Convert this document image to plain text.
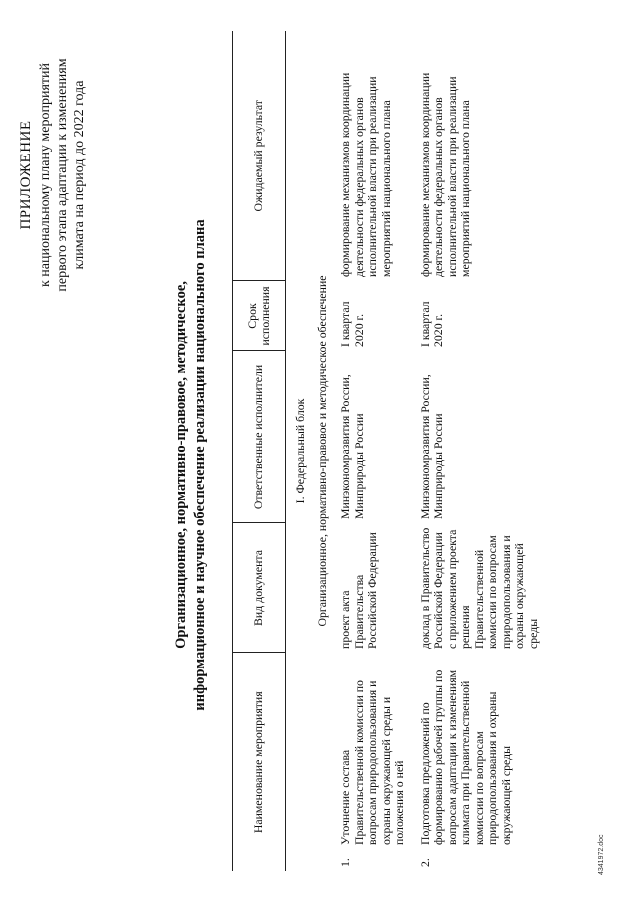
ПРИЛОЖЕНИЕ к национальному плану мероприятий первого этапа адаптации к изменениям климата на период до 2022 года
Организационное, нормативно-правовое, методическое, информационное и научное обеспечение реализации национального плана
Наименование мероприятия		Вид документа	Ответственные исполнители	Срок исполнения	Ожидаемый результат
I. Федеральный блок					
Организационное, нормативно-правовое и методическое обеспечение					
1.	Уточнение состава Правительственной комиссии по вопросам природопользования и охраны окружающей среды и положения о ней	проект акта Правительства Российской Федерации	Минэкономразвития России, Минприроды России	I квартал 2020 г.	формирование механизмов координации деятельности федеральных органов исполнительной власти при реализации мероприятий национального плана
2.	Подготовка предложений по формированию рабочей группы по вопросам адаптации к изменениям климата при Правительственной комиссии по вопросам природопользования и охраны окружающей среды	доклад в Правительство Российской Федерации с приложением проекта решения Правительственной комиссии по вопросам природопользования и охраны окружающей среды	Минэкономразвития России, Минприроды России	I квартал 2020 г.	формирование механизмов координации деятельности федеральных органов исполнительной власти при реализации мероприятий национального плана
4341972.doc
